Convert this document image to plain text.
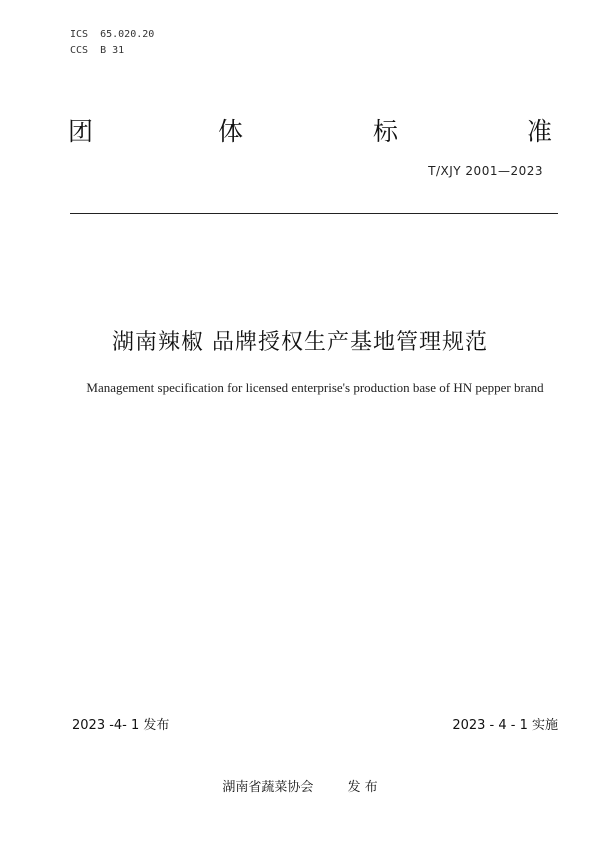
ICS  65.020.20
CCS  B 31
团	体	标	准
T/XJY 2001—2023
湖南辣椒 品牌授权生产基地管理规范
Management specification for licensed enterprise's production base of HN pepper brand
2023 -4- 1 发布	2023 - 4 - 1 实施
湖南省蔬菜协会	发 布
